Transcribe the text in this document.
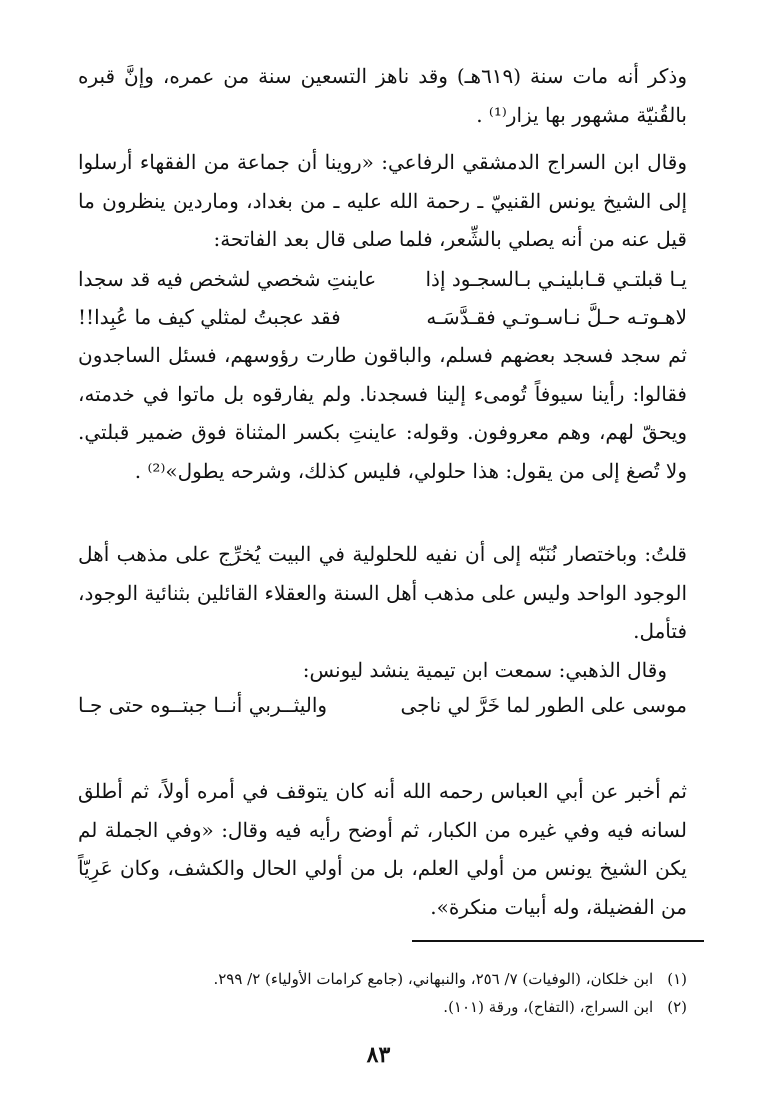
وذكر أنه مات سنة (٦١٩هـ) وقد ناهز التسعين سنة من عمره، وإنَّ قبره بالقُنيّة مشهور بها يزار⁽¹⁾ .

وقال ابن السراج الدمشقي الرفاعي: «روينا أن جماعة من الفقهاء أرسلوا إلى الشيخ يونس القنييّ ـ رحمة الله عليه ـ من بغداد، وماردين ينظرون ما قيل عنه من أنه يصلي بالشِّعر، فلما صلى قال بعد الفاتحة:

يـا قبلتـي قـابلينـي بـالسجـود إذا
عاينتِ شخصي لشخص فيه قد سجدا
لاهـوتـه حـلَّ نـاسـوتـي فقـدَّسَـه
فقد عجبتُ لمثلي كيف ما عُبِدا!!

ثم سجد فسجد بعضهم فسلم، والباقون طارت رؤوسهم، فسئل الساجدون فقالوا: رأينا سيوفاً تُومىء إلينا فسجدنا. ولم يفارقوه بل ماتوا في خدمته، ويحقّ لهم، وهم معروفون. وقوله: عاينتِ بكسر المثناة فوق ضمير قبلتي. ولا تُصغ إلى من يقول: هذا حلولي، فليس كذلك، وشرحه يطول»⁽²⁾ .

قلتُ: وباختصار نُنَبّه إلى أن نفيه للحلولية في البيت يُخرِّج على مذهب أهل الوجود الواحد وليس على مذهب أهل السنة والعقلاء القائلين بثنائية الوجود، فتأمل.
وقال الذهبي: سمعت ابن تيمية ينشد ليونس:
موسى على الطور لما خَرَّ لي ناجى
واليثــربي أنــا جبتــوه حتى جـا

ثم أخبر عن أبي العباس رحمه الله أنه كان يتوقف في أمره أولاً، ثم أطلق لسانه فيه وفي غيره من الكبار، ثم أوضح رأيه فيه وقال: «وفي الجملة لم يكن الشيخ يونس من أولي العلم، بل من أولي الحال والكشف، وكان عَرِيّاً من الفضيلة، وله أبيات منكرة».

(١)
ابن خلكان، (الوفيات) ٧/ ٢٥٦، والنبهاني، (جامع كرامات الأولياء) ٢/ ٢٩٩.
(٢)
ابن السراج، (التفاح)، ورقة (١٠١).
٨٣
